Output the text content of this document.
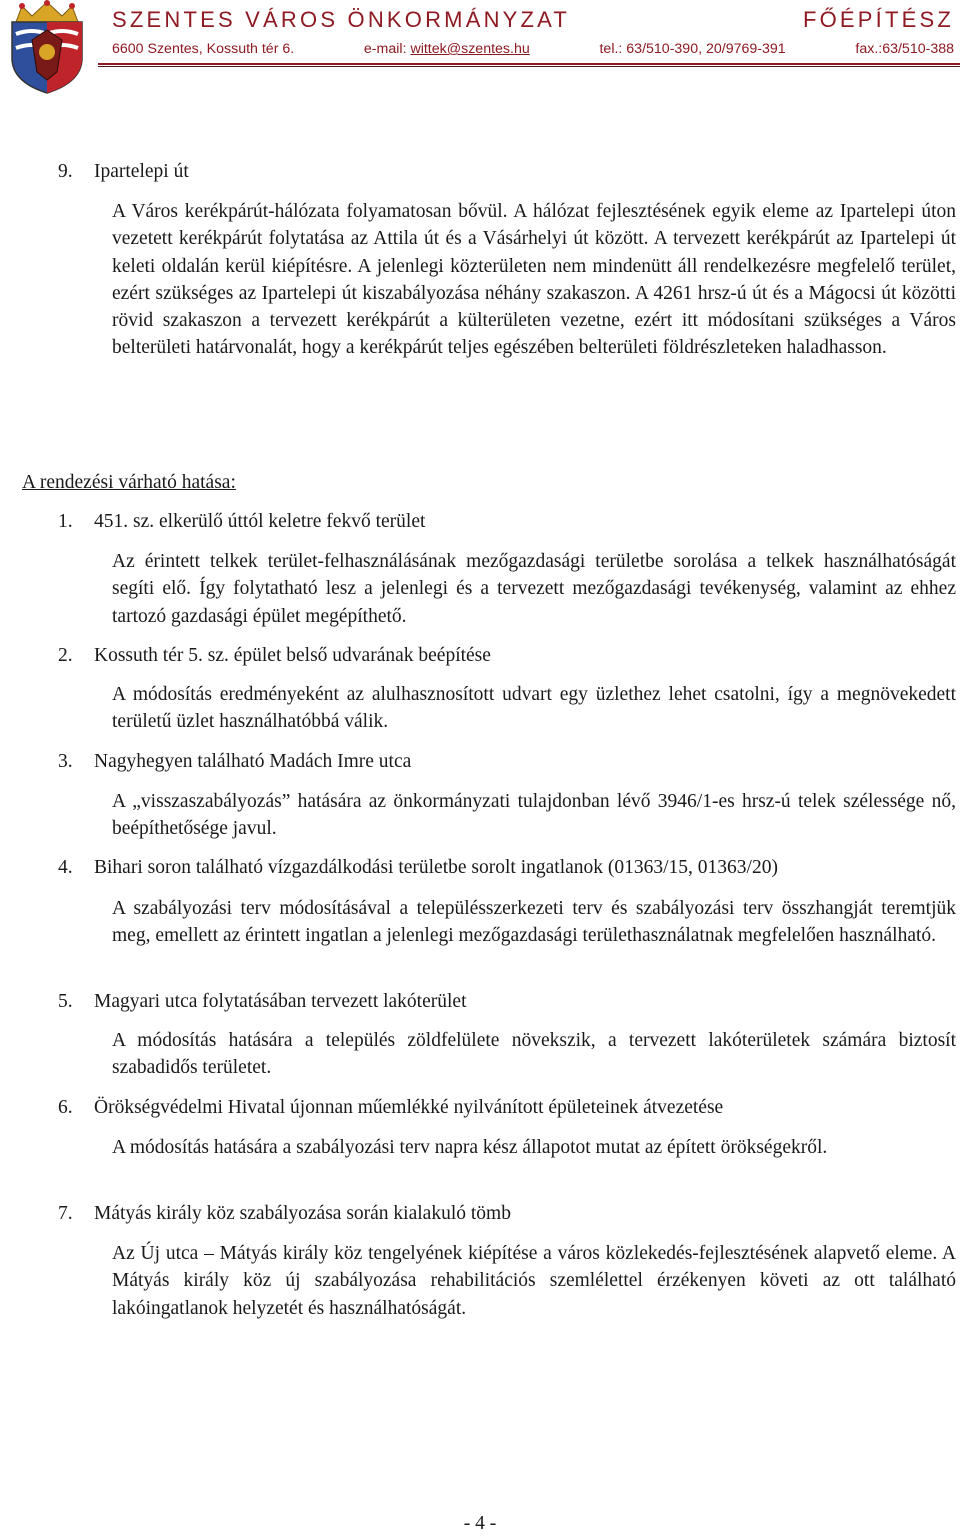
SZENTES VÁROS ÖNKORMÁNYZAT	FŐÉPÍTÉSZ
6600 Szentes, Kossuth tér 6.	e-mail: wittek@szentes.hu	tel.: 63/510-390, 20/9769-391	fax.:63/510-388
9.	Ipartelepi út
A Város kerékpárút-hálózata folyamatosan bővül. A hálózat fejlesztésének egyik eleme az Ipartelepi úton vezetett kerékpárút folytatása az Attila út és a Vásárhelyi út között. A tervezett kerékpárút az Ipartelepi út keleti oldalán kerül kiépítésre. A jelenlegi közterületen nem mindenütt áll rendelkezésre megfelelő terület, ezért szükséges az Ipartelepi út kiszabályozása néhány szakaszon. A 4261 hrsz-ú út és a Mágocsi út közötti rövid szakaszon a tervezett kerékpárút a külterületen vezetne, ezért itt módosítani szükséges a Város belterületi határvonalát, hogy a kerékpárút teljes egészében belterületi földrészleteken haladhasson.
A rendezési várható hatása:
1.	451. sz. elkerülő úttól keletre fekvő terület
Az érintett telkek terület-felhasználásának mezőgazdasági területbe sorolása a telkek használhatóságát segíti elő. Így folytatható lesz a jelenlegi és a tervezett mezőgazdasági tevékenység, valamint az ehhez tartozó gazdasági épület megépíthető.
2.	Kossuth tér 5. sz. épület belső udvarának beépítése
A módosítás eredményeként az alulhasznosított udvart egy üzlethez lehet csatolni, így a megnövekedett területű üzlet használhatóbbá válik.
3.	Nagyhegyen található Madách Imre utca
A „visszaszabályozás” hatására az önkormányzati tulajdonban lévő 3946/1-es hrsz-ú telek szélessége nő, beépíthetősége javul.
4.	Bihari soron található vízgazdálkodási területbe sorolt ingatlanok (01363/15, 01363/20)
A szabályozási terv módosításával a településszerkezeti terv és szabályozási terv összhangját teremtjük meg, emellett az érintett ingatlan a jelenlegi mezőgazdasági területhasználatnak megfelelően használható.
5.	Magyari utca folytatásában tervezett lakóterület
A módosítás hatására a település zöldfelülete növekszik, a tervezett lakóterületek számára biztosít szabadidős területet.
6.	Örökségvédelmi Hivatal újonnan műemlékké nyilvánított épületeinek átvezetése
A módosítás hatására a szabályozási terv napra kész állapotot mutat az épített örökségekről.
7.	Mátyás király köz szabályozása során kialakuló tömb
Az Új utca – Mátyás király köz tengelyének kiépítése a város közlekedés-fejlesztésének alapvető eleme. A Mátyás király köz új szabályozása rehabilitációs szemlélettel érzékenyen követi az ott található lakóingatlanok helyzetét és használhatóságát.
- 4 -
